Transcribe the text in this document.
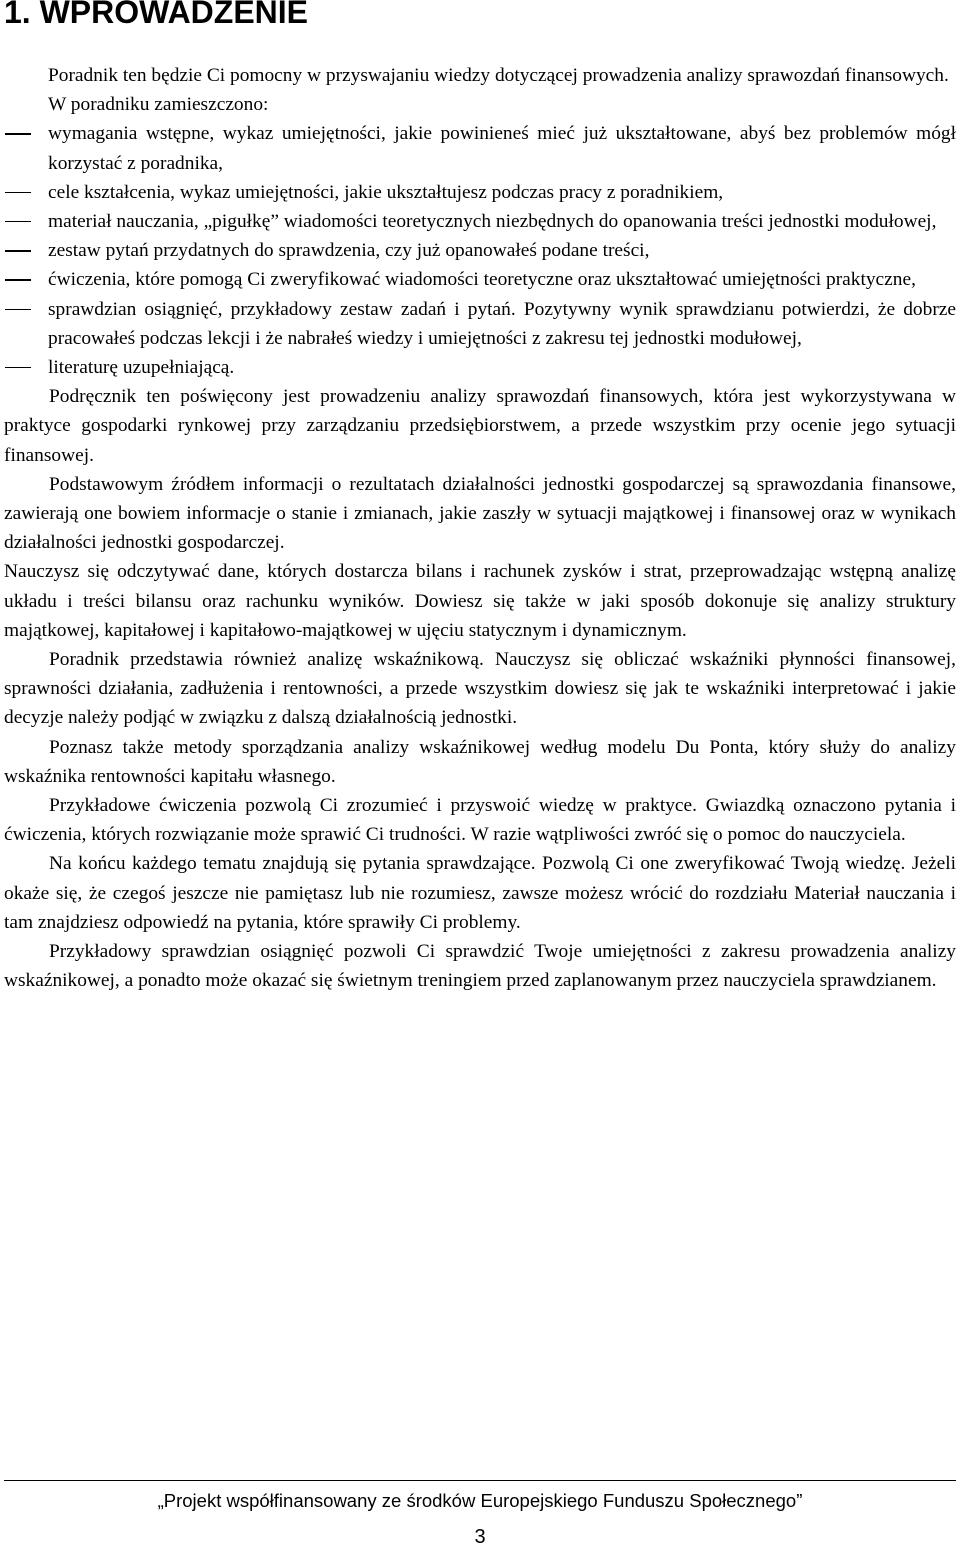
1. WPROWADZENIE

Poradnik ten będzie Ci pomocny w przyswajaniu wiedzy dotyczącej prowadzenia analizy sprawozdań finansowych.

W poradniku zamieszczono:

wymagania wstępne, wykaz umiejętności, jakie powinieneś mieć już ukształtowane, abyś bez problemów mógł korzystać z poradnika,
cele kształcenia, wykaz umiejętności, jakie ukształtujesz podczas pracy z poradnikiem,
materiał nauczania, „pigułkę” wiadomości teoretycznych niezbędnych do opanowania treści jednostki modułowej,
zestaw pytań przydatnych do sprawdzenia, czy już opanowałeś podane treści,
ćwiczenia, które pomogą Ci zweryfikować wiadomości teoretyczne oraz ukształtować umiejętności praktyczne,
sprawdzian osiągnięć, przykładowy zestaw zadań i pytań. Pozytywny wynik sprawdzianu potwierdzi, że dobrze pracowałeś podczas lekcji i że nabrałeś wiedzy i umiejętności z zakresu tej jednostki modułowej,
literaturę uzupełniającą.

Podręcznik ten poświęcony jest prowadzeniu analizy sprawozdań finansowych, która jest wykorzystywana w praktyce gospodarki rynkowej przy zarządzaniu przedsiębiorstwem, a przede wszystkim przy ocenie jego sytuacji finansowej.

Podstawowym źródłem informacji o rezultatach działalności jednostki gospodarczej są sprawozdania finansowe, zawierają one bowiem informacje o stanie i zmianach, jakie zaszły w sytuacji majątkowej i finansowej oraz w wynikach działalności jednostki gospodarczej.

Nauczysz się odczytywać dane, których dostarcza bilans i rachunek zysków i strat, przeprowadzając wstępną analizę układu i treści bilansu oraz rachunku wyników. Dowiesz się także w jaki sposób dokonuje się analizy struktury majątkowej, kapitałowej i kapitałowo-majątkowej w ujęciu statycznym i dynamicznym.

Poradnik przedstawia również analizę wskaźnikową. Nauczysz się obliczać wskaźniki płynności finansowej, sprawności działania, zadłużenia i rentowności, a przede wszystkim dowiesz się jak te wskaźniki interpretować i jakie decyzje należy podjąć w związku z dalszą działalnością jednostki.

Poznasz także metody sporządzania analizy wskaźnikowej według modelu Du Ponta, który służy do analizy wskaźnika rentowności kapitału własnego.

Przykładowe ćwiczenia pozwolą Ci zrozumieć i przyswoić wiedzę w praktyce. Gwiazdką oznaczono pytania i ćwiczenia, których rozwiązanie może sprawić Ci trudności. W razie wątpliwości zwróć się o pomoc do nauczyciela.

Na końcu każdego tematu znajdują się pytania sprawdzające. Pozwolą Ci one zweryfikować Twoją wiedzę. Jeżeli okaże się, że czegoś jeszcze nie pamiętasz lub nie rozumiesz, zawsze możesz wrócić do rozdziału Materiał nauczania i tam znajdziesz odpowiedź na pytania, które sprawiły Ci problemy.

Przykładowy sprawdzian osiągnięć pozwoli Ci sprawdzić Twoje umiejętności z zakresu prowadzenia analizy wskaźnikowej, a ponadto może okazać się świetnym treningiem przed zaplanowanym przez nauczyciela sprawdzianem.

„Projekt współfinansowany ze środków Europejskiego Funduszu Społecznego”
3
